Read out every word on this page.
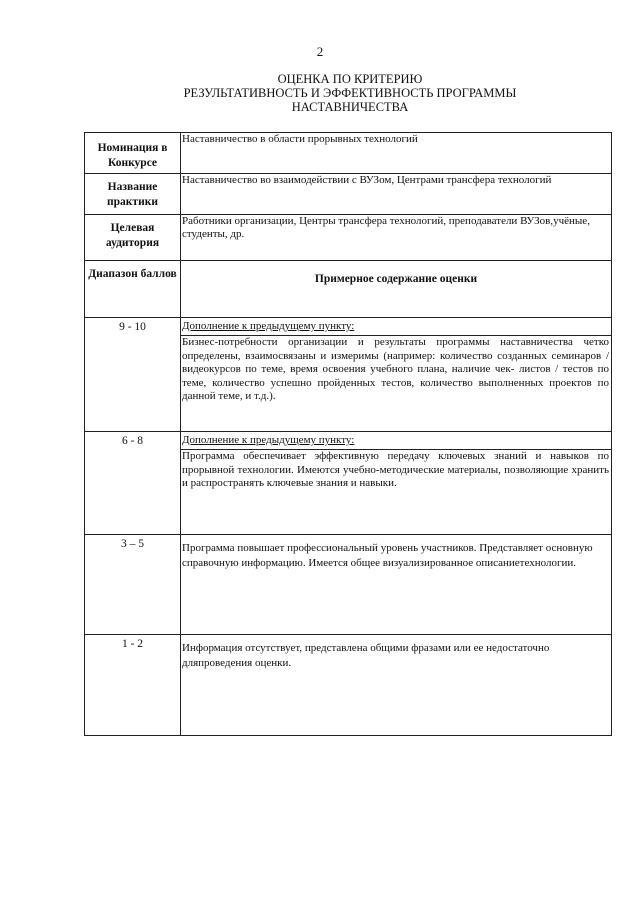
2
ОЦЕНКА ПО КРИТЕРИЮ
РЕЗУЛЬТАТИВНОСТЬ И ЭФФЕКТИВНОСТЬ ПРОГРАММЫ
НАСТАВНИЧЕСТВА
Номинация в Конкурсе	Наставничество в области прорывных технологий
Название практики	Наставничество во взаимодействии с ВУЗом, Центрами трансфера технологий
Целевая аудитория	Работники организации, Центры трансфера технологий, преподаватели ВУЗов,учёные, студенты, др.
Диапазон баллов	Примерное содержание оценки
9 - 10	Дополнение к предыдущему пункту:
Бизнес-потребности организации и результаты программы наставничества четко определены, взаимосвязаны и измеримы (например: количество созданных семинаров / видеокурсов по теме, время освоения учебного плана, наличие чек- листов / тестов по теме, количество успешно пройденных тестов, количество выполненных проектов по данной теме, и т.д.).

6 - 8	Дополнение к предыдущему пункту:
Программа обеспечивает эффективную передачу ключевых знаний и навыков по прорывной технологии. Имеются учебно-методические материалы, позволяющие хранить и распространять ключевые знания и навыки.

3 – 5	Программа повышает профессиональный уровень участников. Представляет основную справочную информацию. Имеется общее визуализированное описаниетехнологии.

1 - 2	Информация отсутствует, представлена общими фразами или ее недостаточно дляпроведения оценки.
